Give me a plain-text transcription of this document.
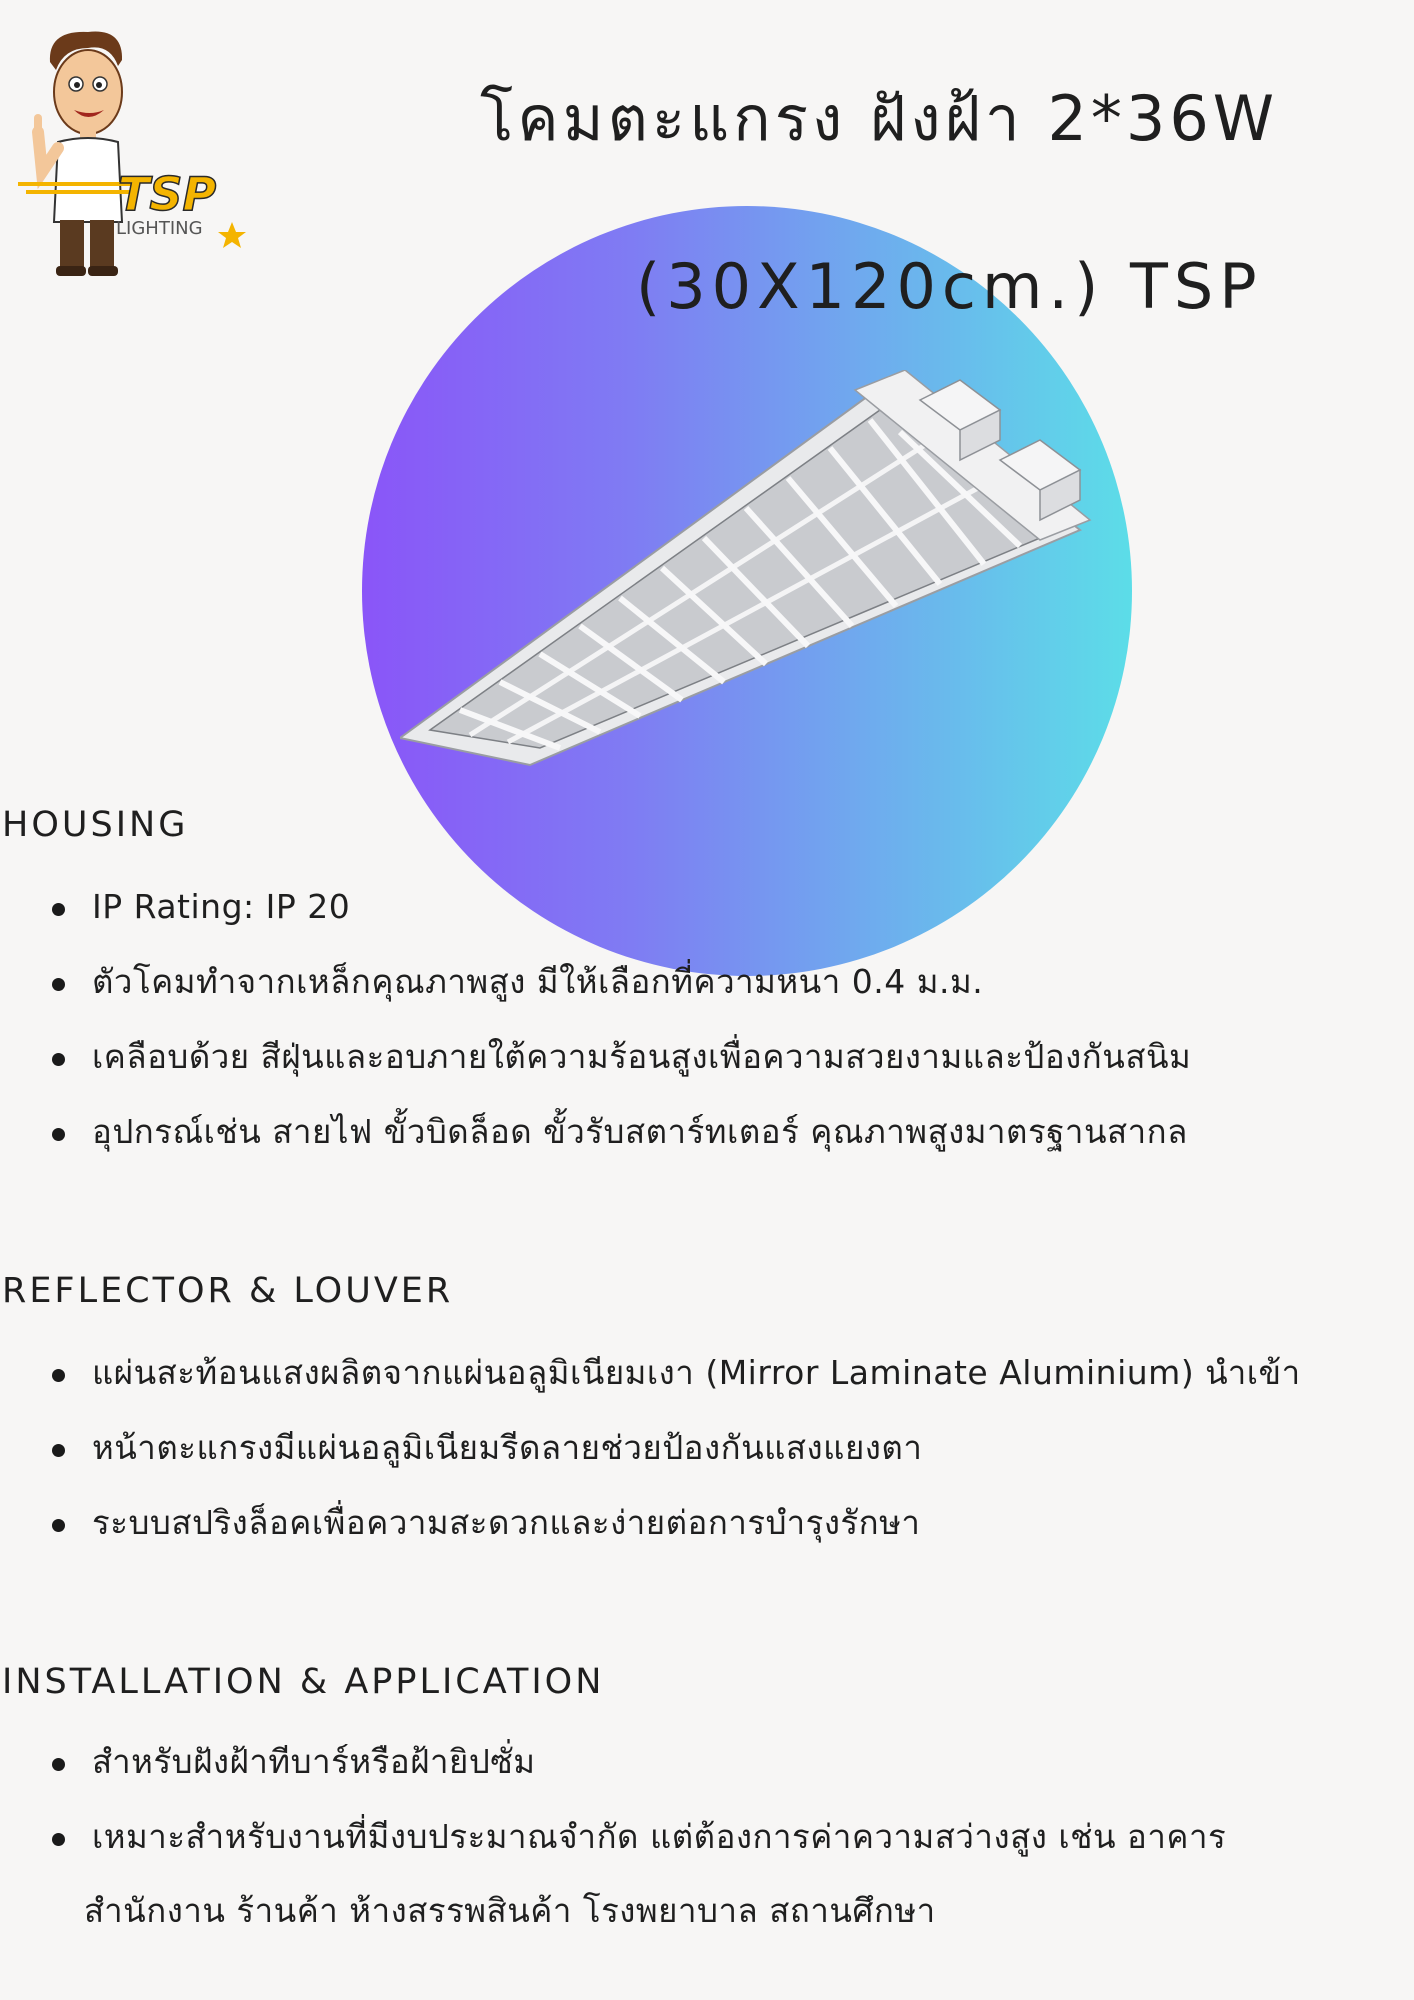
TSP
LIGHTING
โคมตะแกรง ฝังฝ้า 2*36W
(30X120cm.) TSP
HOUSING
IP Rating: IP 20
ตัวโคมทำจากเหล็กคุณภาพสูง มีให้เลือกที่ความหนา 0.4 ม.ม.
เคลือบด้วย สีฝุ่นและอบภายใต้ความร้อนสูงเพื่อความสวยงามและป้องกันสนิม
อุปกรณ์เช่น สายไฟ ขั้วบิดล็อด ขั้วรับสตาร์ทเตอร์ คุณภาพสูงมาตรฐานสากล
REFLECTOR & LOUVER
แผ่นสะท้อนแสงผลิตจากแผ่นอลูมิเนียมเงา (Mirror Laminate Aluminium) นำเข้า
หน้าตะแกรงมีแผ่นอลูมิเนียมรีดลายช่วยป้องกันแสงแยงตา
ระบบสปริงล็อคเพื่อความสะดวกและง่ายต่อการบำรุงรักษา
INSTALLATION & APPLICATION
สำหรับฝังฝ้าทีบาร์หรือฝ้ายิปซั่ม
เหมาะสำหรับงานที่มีงบประมาณจำกัด แต่ต้องการค่าความสว่างสูง เช่น อาคาร
สำนักงาน ร้านค้า ห้างสรรพสินค้า โรงพยาบาล สถานศึกษา
